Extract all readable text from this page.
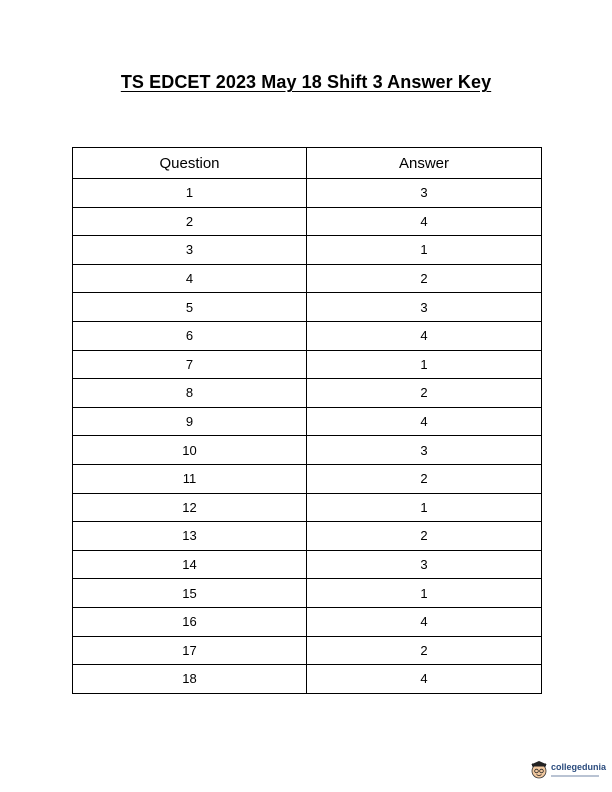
TS EDCET 2023 May 18 Shift 3 Answer Key
Question	Answer
1	3
2	4
3	1
4	2
5	3
6	4
7	1
8	2
9	4
10	3
11	2
12	1
13	2
14	3
15	1
16	4
17	2
18	4
collegedunia
